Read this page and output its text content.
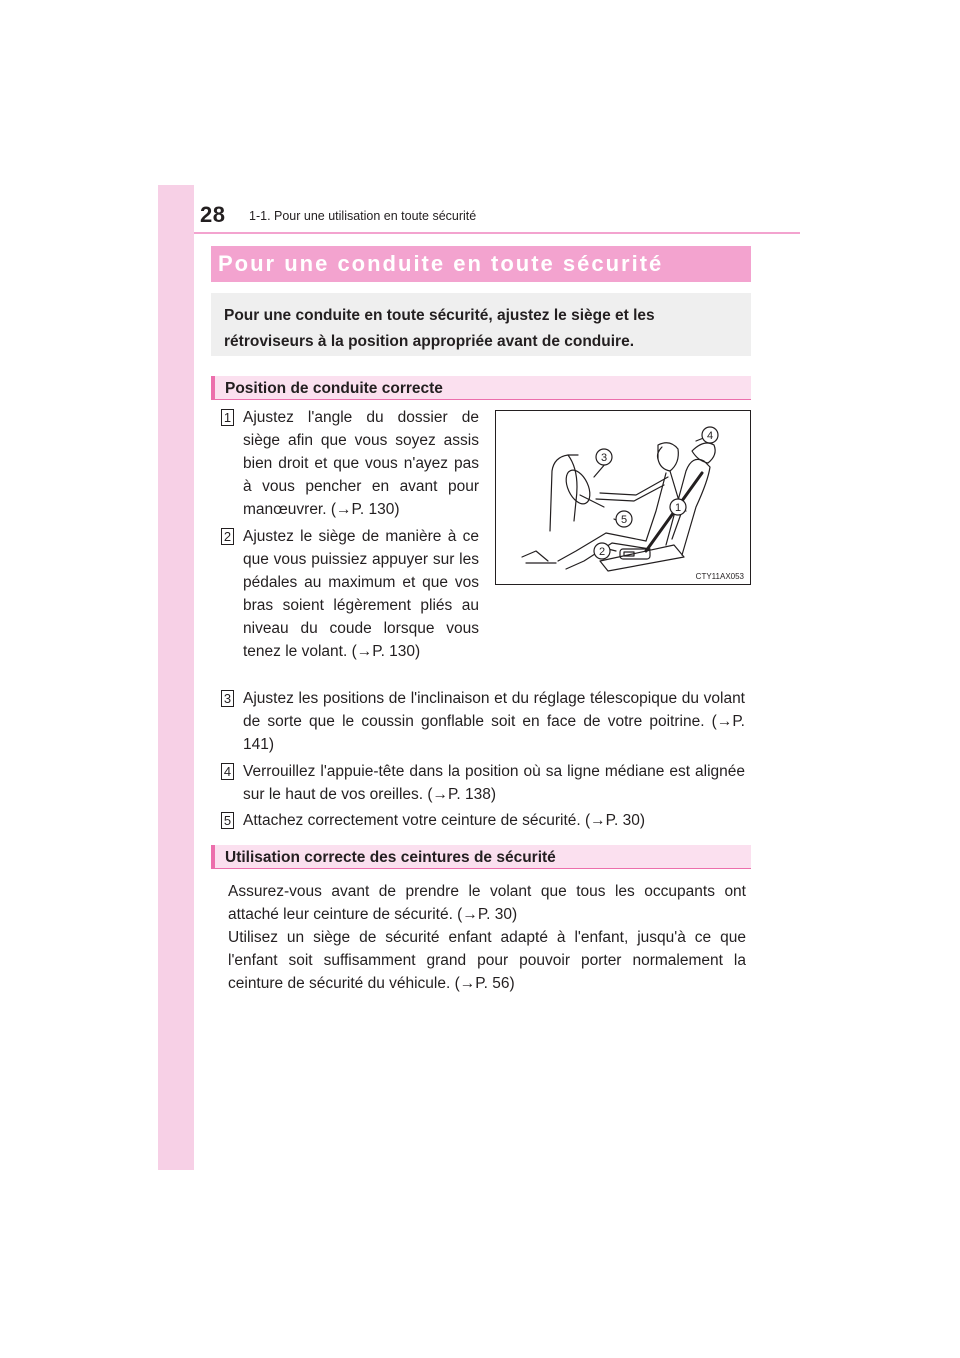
28 1-1. Pour une utilisation en toute sécurité
Pour une conduite en toute sécurité

Pour une conduite en toute sécurité, ajustez le siège et les rétroviseurs à la position appropriée avant de conduire.

Position de conduite correcte
1 Ajustez l'angle du dossier de siège afin que vous soyez assis bien droit et que vous n'ayez pas à vous pencher en avant pour manœuvrer. (→P. 130)
2 Ajustez le siège de manière à ce que vous puissiez appuyer sur les pédales au maximum et que vos bras soient légèrement pliés au niveau du coude lorsque vous tenez le volant. (→P. 130)
3 Ajustez les positions de l'inclinaison et du réglage télescopique du volant de sorte que le coussin gonflable soit en face de votre poitrine. (→P. 141)
4 Verrouillez l'appuie-tête dans la position où sa ligne médiane est alignée sur le haut de vos oreilles. (→P. 138)
5 Attachez correctement votre ceinture de sécurité. (→P. 30)
1
2
3
4
5
CTY11AX053
Utilisation correcte des ceintures de sécurité
Assurez-vous avant de prendre le volant que tous les occupants ont attaché leur ceinture de sécurité. (→P. 30)
Utilisez un siège de sécurité enfant adapté à l'enfant, jusqu'à ce que l'enfant soit suffisamment grand pour pouvoir porter normalement la ceinture de sécurité du véhicule. (→P. 56)
